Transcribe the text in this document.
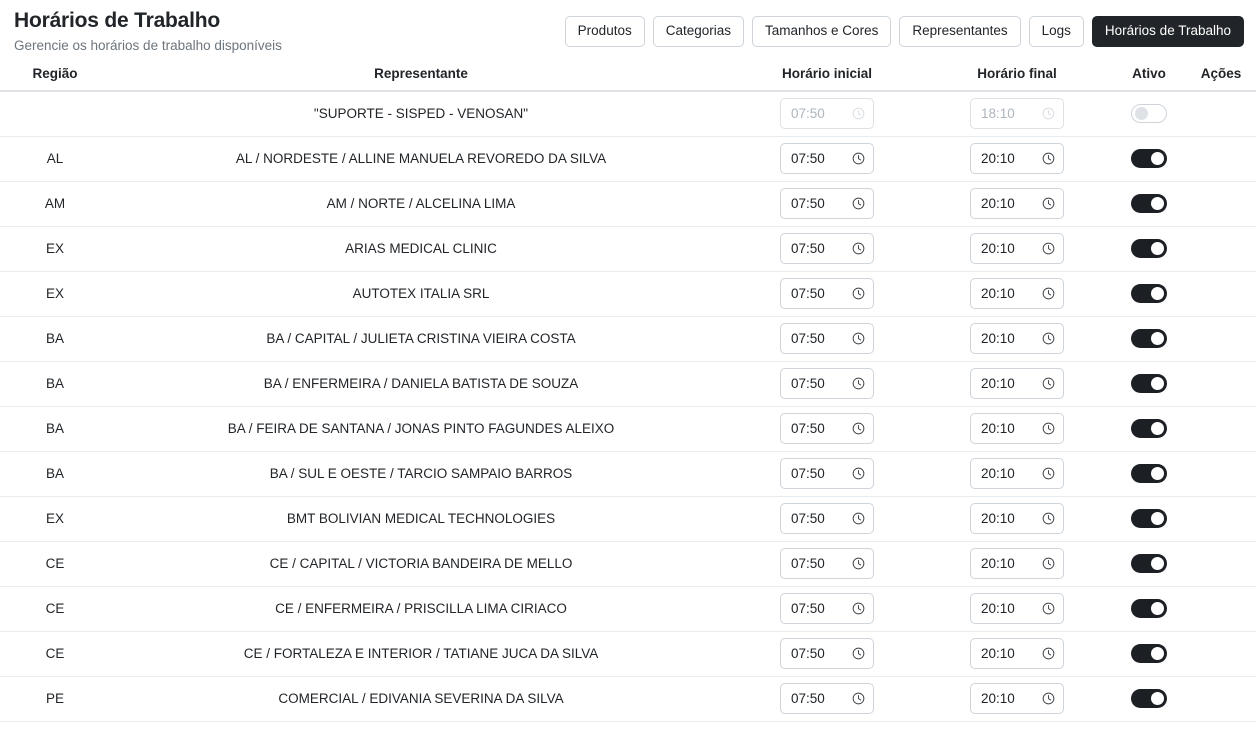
Horários de Trabalho

Gerencie os horários de trabalho disponíveis

Produtos	Categorias	Tamanhos e Cores	Representantes	Logs	Horários de Trabalho
Região	Representante	Horário inicial	Horário final	Ativo	Ações
	"SUPORTE - SISPED - VENOSAN"	07:50	18:10		

AL	AL / NORDESTE / ALLINE MANUELA REVOREDO DA SILVA	07:50	20:10		

AM	AM / NORTE / ALCELINA LIMA	07:50	20:10		

EX	ARIAS MEDICAL CLINIC	07:50	20:10		

EX	AUTOTEX ITALIA SRL	07:50	20:10		

BA	BA / CAPITAL / JULIETA CRISTINA VIEIRA COSTA	07:50	20:10		

BA	BA / ENFERMEIRA / DANIELA BATISTA DE SOUZA	07:50	20:10		

BA	BA / FEIRA DE SANTANA / JONAS PINTO FAGUNDES ALEIXO	07:50	20:10		

BA	BA / SUL E OESTE / TARCIO SAMPAIO BARROS	07:50	20:10		

EX	BMT BOLIVIAN MEDICAL TECHNOLOGIES	07:50	20:10		

CE	CE / CAPITAL / VICTORIA BANDEIRA DE MELLO	07:50	20:10		

CE	CE / ENFERMEIRA / PRISCILLA LIMA CIRIACO	07:50	20:10		

CE	CE / FORTALEZA E INTERIOR / TATIANE JUCA DA SILVA	07:50	20:10		

PE	COMERCIAL / EDIVANIA SEVERINA DA SILVA	07:50	20:10		
